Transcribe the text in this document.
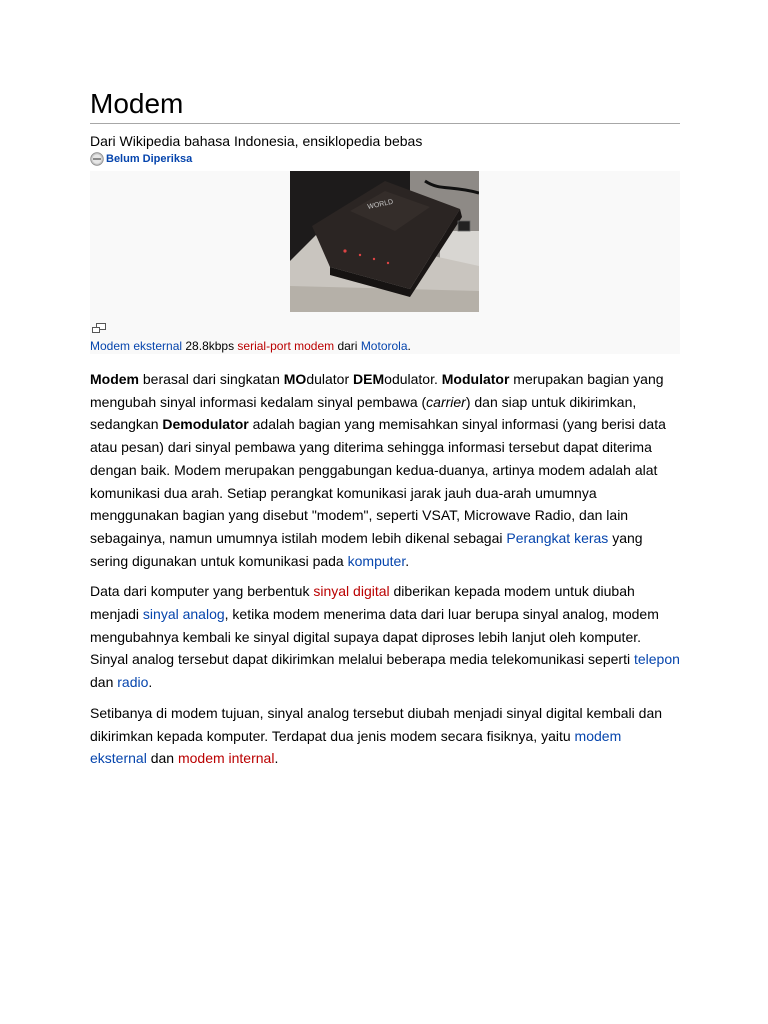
Modem
Dari Wikipedia bahasa Indonesia, ensiklopedia bebas
Belum Diperiksa
WORLD
Modem eksternal 28.8kbps serial-port modem dari Motorola.

Modem berasal dari singkatan MOdulator DEModulator. Modulator merupakan bagian yang mengubah sinyal informasi kedalam sinyal pembawa (carrier) dan siap untuk dikirimkan, sedangkan Demodulator adalah bagian yang memisahkan sinyal informasi (yang berisi data atau pesan) dari sinyal pembawa yang diterima sehingga informasi tersebut dapat diterima dengan baik. Modem merupakan penggabungan kedua-duanya, artinya modem adalah alat komunikasi dua arah. Setiap perangkat komunikasi jarak jauh dua-arah umumnya menggunakan bagian yang disebut "modem", seperti VSAT, Microwave Radio, dan lain sebagainya, namun umumnya istilah modem lebih dikenal sebagai Perangkat keras yang sering digunakan untuk komunikasi pada komputer.

Data dari komputer yang berbentuk sinyal digital diberikan kepada modem untuk diubah menjadi sinyal analog, ketika modem menerima data dari luar berupa sinyal analog, modem mengubahnya kembali ke sinyal digital supaya dapat diproses lebih lanjut oleh komputer. Sinyal analog tersebut dapat dikirimkan melalui beberapa media telekomunikasi seperti telepon dan radio.

Setibanya di modem tujuan, sinyal analog tersebut diubah menjadi sinyal digital kembali dan dikirimkan kepada komputer. Terdapat dua jenis modem secara fisiknya, yaitu modem eksternal dan modem internal.
